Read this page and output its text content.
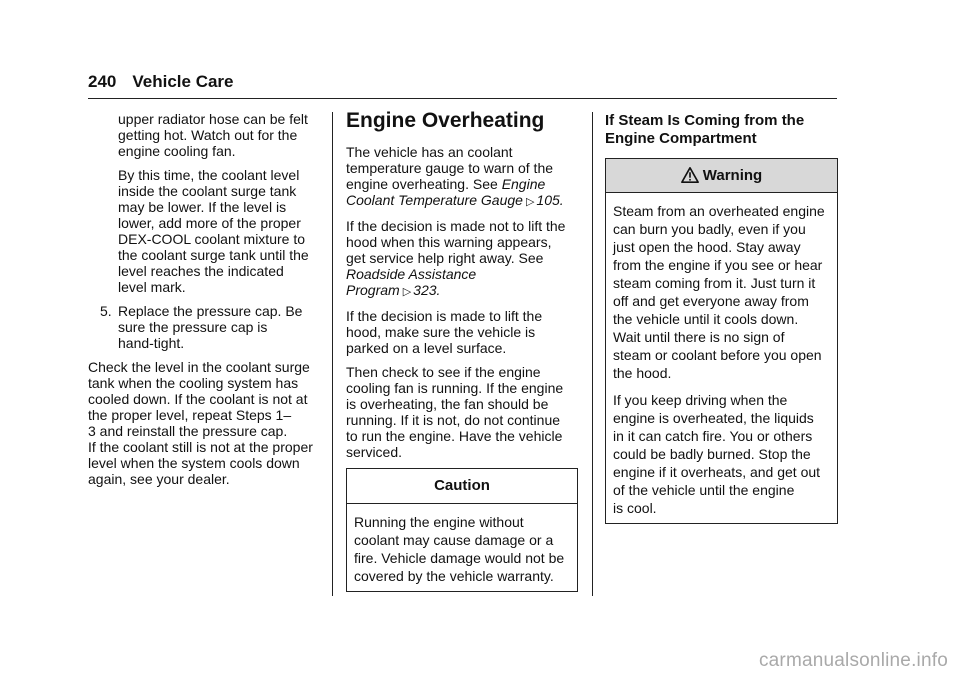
240 Vehicle Care

upper radiator hose can be felt
getting hot. Watch out for the
engine cooling fan.

By this time, the coolant level
inside the coolant surge tank
may be lower. If the level is
lower, add more of the proper
DEX-COOL coolant mixture to
the coolant surge tank until the
level reaches the indicated
level mark.

5. Replace the pressure cap. Be
sure the pressure cap is
hand-tight.

Check the level in the coolant surge
tank when the cooling system has
cooled down. If the coolant is not at
the proper level, repeat Steps 1–
3 and reinstall the pressure cap.
If the coolant still is not at the proper
level when the system cools down
again, see your dealer.

Engine Overheating

The vehicle has an coolant
temperature gauge to warn of the
engine overheating. See Engine
Coolant Temperature Gauge ▷ 105.

If the decision is made not to lift the
hood when this warning appears,
get service help right away. See
Roadside Assistance
Program ▷ 323.

If the decision is made to lift the
hood, make sure the vehicle is
parked on a level surface.

Then check to see if the engine
cooling fan is running. If the engine
is overheating, the fan should be
running. If it is not, do not continue
to run the engine. Have the vehicle
serviced.

Caution

Running the engine without
coolant may cause damage or a
fire. Vehicle damage would not be
covered by the vehicle warranty.

If Steam Is Coming from the
Engine Compartment
Warning

Steam from an overheated engine
can burn you badly, even if you
just open the hood. Stay away
from the engine if you see or hear
steam coming from it. Just turn it
off and get everyone away from
the vehicle until it cools down.
Wait until there is no sign of
steam or coolant before you open
the hood.

If you keep driving when the
engine is overheated, the liquids
in it can catch fire. You or others
could be badly burned. Stop the
engine if it overheats, and get out
of the vehicle until the engine
is cool.

carmanualsonline.info
